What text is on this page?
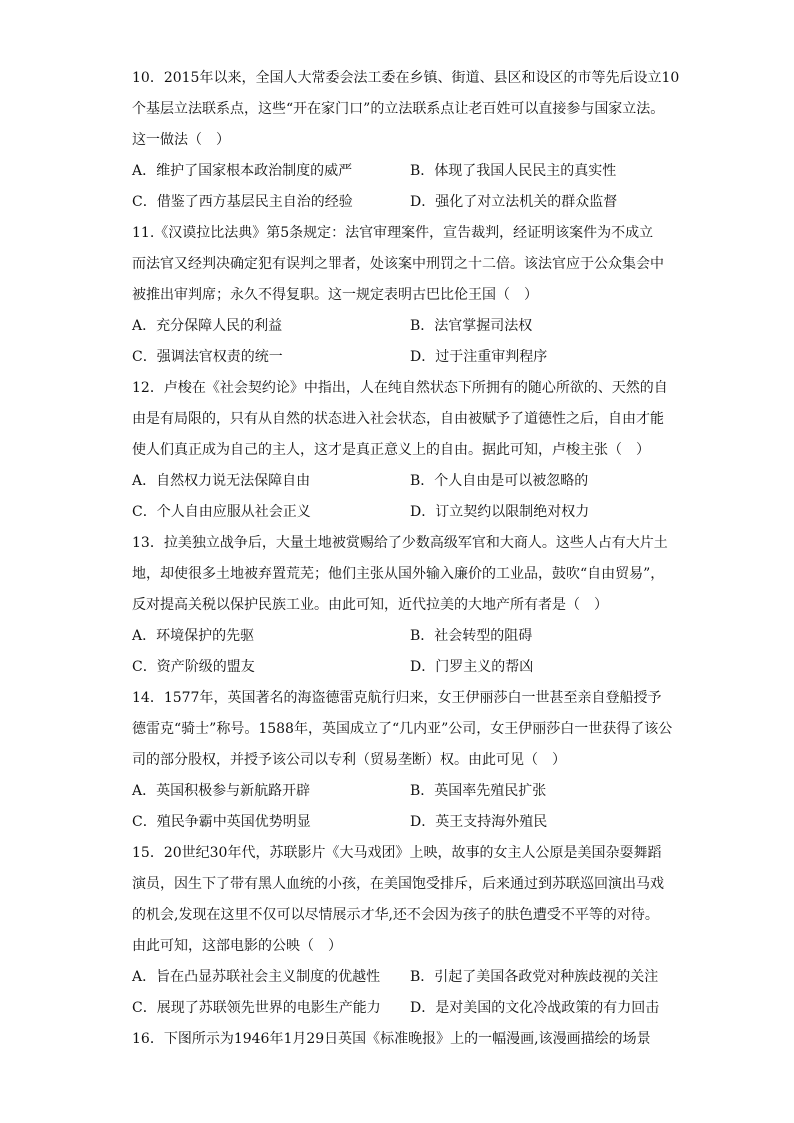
10．2015年以来，全国人大常委会法工委在乡镇、街道、县区和设区的市等先后设立10
个基层立法联系点，这些“开在家门口”的立法联系点让老百姓可以直接参与国家立法。
这一做法（　）
A．维护了国家根本政治制度的威严	B．体现了我国人民民主的真实性
C．借鉴了西方基层民主自治的经验	D．强化了对立法机关的群众监督
11.《汉谟拉比法典》第5条规定：法官审理案件，宣告裁判，经证明该案件为不成立
而法官又经判决确定犯有误判之罪者，处该案中刑罚之十二倍。该法官应于公众集会中
被推出审判席；永久不得复职。这一规定表明古巴比伦王国（　）
A．充分保障人民的利益	B．法官掌握司法权
C．强调法官权责的统一	D．过于注重审判程序
12．卢梭在《社会契约论》中指出，人在纯自然状态下所拥有的随心所欲的、天然的自
由是有局限的，只有从自然的状态进入社会状态，自由被赋予了道德性之后，自由才能
使人们真正成为自己的主人，这才是真正意义上的自由。据此可知，卢梭主张（　）
A．自然权力说无法保障自由	B．个人自由是可以被忽略的
C．个人自由应服从社会正义	D．订立契约以限制绝对权力
13．拉美独立战争后，大量土地被赏赐给了少数高级军官和大商人。这些人占有大片土
地，却使很多土地被弃置荒芜；他们主张从国外输入廉价的工业品，鼓吹“自由贸易”，
反对提高关税以保护民族工业。由此可知，近代拉美的大地产所有者是（　）
A．环境保护的先驱	B．社会转型的阻碍
C．资产阶级的盟友	D．门罗主义的帮凶
14．1577年，英国著名的海盗德雷克航行归来，女王伊丽莎白一世甚至亲自登船授予
德雷克“骑士”称号。1588年，英国成立了“几内亚”公司，女王伊丽莎白一世获得了该公
司的部分股权，并授予该公司以专利（贸易垄断）权。由此可见（　）
A．英国积极参与新航路开辟	B．英国率先殖民扩张
C．殖民争霸中英国优势明显	D．英王支持海外殖民
15．20世纪30年代，苏联影片《大马戏团》上映，故事的女主人公原是美国杂耍舞蹈
演员，因生下了带有黑人血统的小孩，在美国饱受排斥，后来通过到苏联巡回演出马戏
的机会,发现在这里不仅可以尽情展示才华,还不会因为孩子的肤色遭受不平等的对待。
由此可知，这部电影的公映（　）
A．旨在凸显苏联社会主义制度的优越性 B．引起了美国各政党对种族歧视的关注
C．展现了苏联领先世界的电影生产能力 D．是对美国的文化冷战政策的有力回击
16．下图所示为1946年1月29日英国《标准晚报》上的一幅漫画,该漫画描绘的场景
